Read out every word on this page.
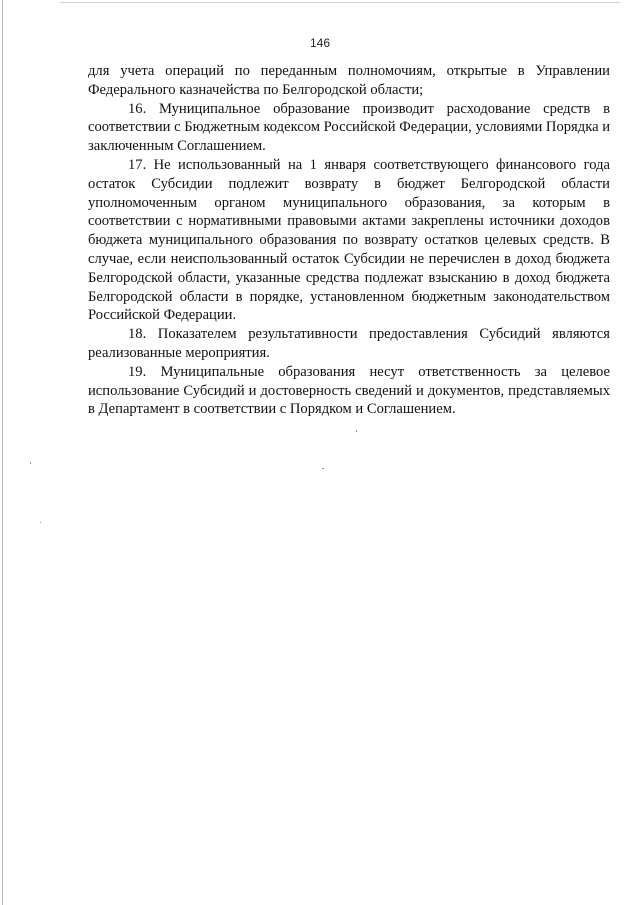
146

для учета операций по переданным полномочиям, открытые в Управлении Федерального казначейства по Белгородской области;

16. Муниципальное образование производит расходование средств в соответствии с Бюджетным кодексом Российской Федерации, условиями Порядка и заключенным Соглашением.

17. Не использованный на 1 января соответствующего финансового года остаток Субсидии подлежит возврату в бюджет Белгородской области уполномоченным органом муниципального образования, за которым в соответствии с нормативными правовыми актами закреплены источники доходов бюджета муниципального образования по возврату остатков целевых средств. В случае, если неиспользованный остаток Субсидии не перечислен в доход бюджета Белгородской области, указанные средства подлежат взысканию в доход бюджета Белгородской области в порядке, установленном бюджетным законодательством Российской Федерации.

18. Показателем результативности предоставления Субсидий являются реализованные мероприятия.

19. Муниципальные образования несут ответственность за целевое использование Субсидий и достоверность сведений и документов, представляемых в Департамент в соответствии с Порядком и Соглашением.
